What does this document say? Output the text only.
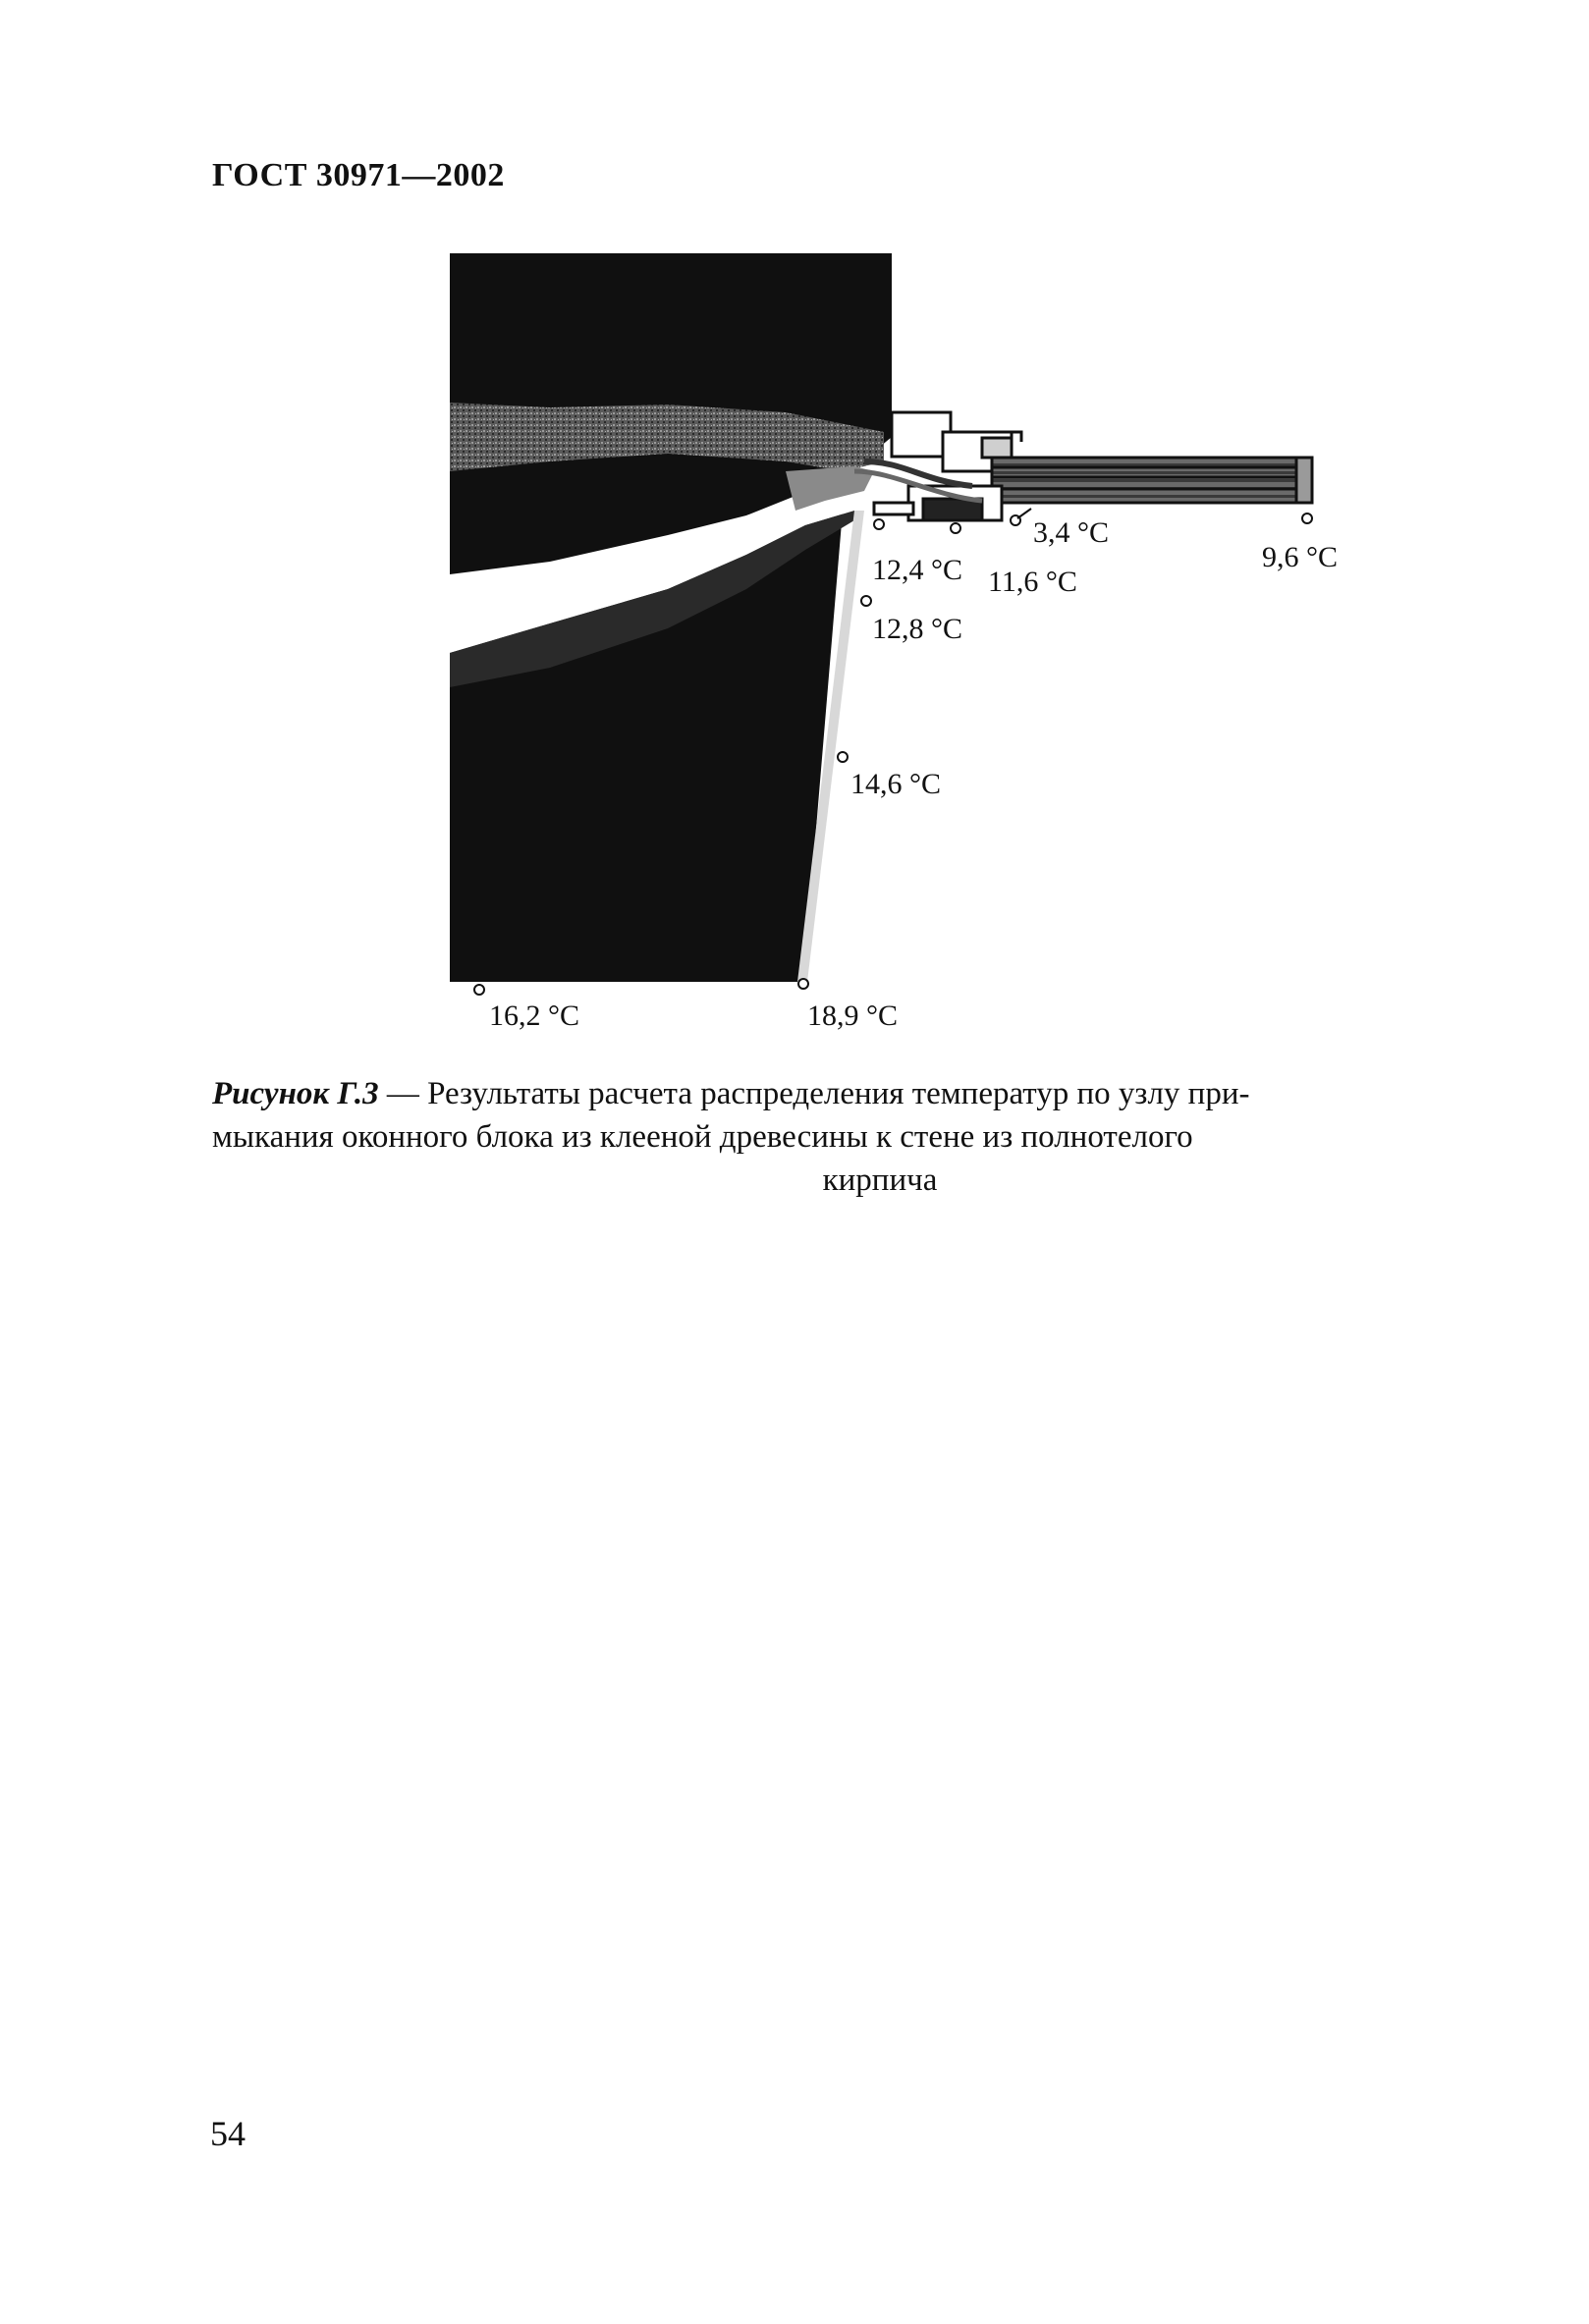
ГОСТ 30971—2002
3,4 °C
9,6 °C
12,4 °C 11,6 °C
12,8 °C
14,6 °C
16,2 °C	18,9 °C
Рисунок Г.3 — Результаты расчета распределения температур по узлу при-
мыкания оконного блока из клееной древесины к стене из полнотелого
кирпича
54
